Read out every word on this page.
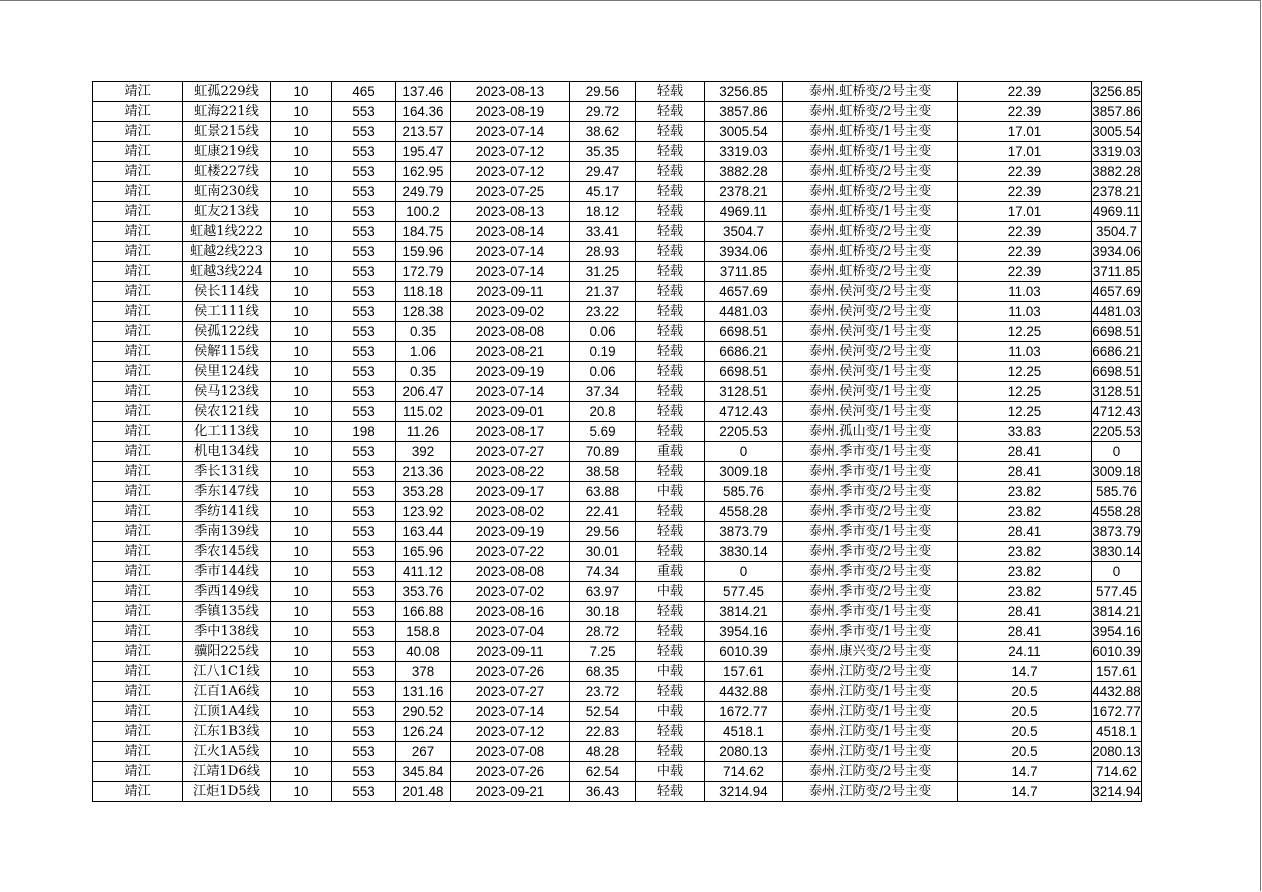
靖江	虹孤229线	10	465	137.46	2023-08-13	29.56	轻载	3256.85	泰州.虹桥变/2号主变	22.39	3256.85
靖江	虹海221线	10	553	164.36	2023-08-19	29.72	轻载	3857.86	泰州.虹桥变/2号主变	22.39	3857.86
靖江	虹景215线	10	553	213.57	2023-07-14	38.62	轻载	3005.54	泰州.虹桥变/1号主变	17.01	3005.54
靖江	虹康219线	10	553	195.47	2023-07-12	35.35	轻载	3319.03	泰州.虹桥变/1号主变	17.01	3319.03
靖江	虹楼227线	10	553	162.95	2023-07-12	29.47	轻载	3882.28	泰州.虹桥变/2号主变	22.39	3882.28
靖江	虹南230线	10	553	249.79	2023-07-25	45.17	轻载	2378.21	泰州.虹桥变/2号主变	22.39	2378.21
靖江	虹友213线	10	553	100.2	2023-08-13	18.12	轻载	4969.11	泰州.虹桥变/1号主变	17.01	4969.11
靖江	虹越1线222	10	553	184.75	2023-08-14	33.41	轻载	3504.7	泰州.虹桥变/2号主变	22.39	3504.7
靖江	虹越2线223	10	553	159.96	2023-07-14	28.93	轻载	3934.06	泰州.虹桥变/2号主变	22.39	3934.06
靖江	虹越3线224	10	553	172.79	2023-07-14	31.25	轻载	3711.85	泰州.虹桥变/2号主变	22.39	3711.85
靖江	侯长114线	10	553	118.18	2023-09-11	21.37	轻载	4657.69	泰州.侯河变/2号主变	11.03	4657.69
靖江	侯工111线	10	553	128.38	2023-09-02	23.22	轻载	4481.03	泰州.侯河变/2号主变	11.03	4481.03
靖江	侯孤122线	10	553	0.35	2023-08-08	0.06	轻载	6698.51	泰州.侯河变/1号主变	12.25	6698.51
靖江	侯解115线	10	553	1.06	2023-08-21	0.19	轻载	6686.21	泰州.侯河变/2号主变	11.03	6686.21
靖江	侯里124线	10	553	0.35	2023-09-19	0.06	轻载	6698.51	泰州.侯河变/1号主变	12.25	6698.51
靖江	侯马123线	10	553	206.47	2023-07-14	37.34	轻载	3128.51	泰州.侯河变/1号主变	12.25	3128.51
靖江	侯农121线	10	553	115.02	2023-09-01	20.8	轻载	4712.43	泰州.侯河变/1号主变	12.25	4712.43
靖江	化工113线	10	198	11.26	2023-08-17	5.69	轻载	2205.53	泰州.孤山变/1号主变	33.83	2205.53
靖江	机电134线	10	553	392	2023-07-27	70.89	重载	0	泰州.季市变/1号主变	28.41	0
靖江	季长131线	10	553	213.36	2023-08-22	38.58	轻载	3009.18	泰州.季市变/1号主变	28.41	3009.18
靖江	季东147线	10	553	353.28	2023-09-17	63.88	中载	585.76	泰州.季市变/2号主变	23.82	585.76
靖江	季纺141线	10	553	123.92	2023-08-02	22.41	轻载	4558.28	泰州.季市变/2号主变	23.82	4558.28
靖江	季南139线	10	553	163.44	2023-09-19	29.56	轻载	3873.79	泰州.季市变/1号主变	28.41	3873.79
靖江	季农145线	10	553	165.96	2023-07-22	30.01	轻载	3830.14	泰州.季市变/2号主变	23.82	3830.14
靖江	季市144线	10	553	411.12	2023-08-08	74.34	重载	0	泰州.季市变/2号主变	23.82	0
靖江	季西149线	10	553	353.76	2023-07-02	63.97	中载	577.45	泰州.季市变/2号主变	23.82	577.45
靖江	季镇135线	10	553	166.88	2023-08-16	30.18	轻载	3814.21	泰州.季市变/1号主变	28.41	3814.21
靖江	季中138线	10	553	158.8	2023-07-04	28.72	轻载	3954.16	泰州.季市变/1号主变	28.41	3954.16
靖江	骥阳225线	10	553	40.08	2023-09-11	7.25	轻载	6010.39	泰州.康兴变/2号主变	24.11	6010.39
靖江	江八1C1线	10	553	378	2023-07-26	68.35	中载	157.61	泰州.江防变/2号主变	14.7	157.61
靖江	江百1A6线	10	553	131.16	2023-07-27	23.72	轻载	4432.88	泰州.江防变/1号主变	20.5	4432.88
靖江	江顶1A4线	10	553	290.52	2023-07-14	52.54	中载	1672.77	泰州.江防变/1号主变	20.5	1672.77
靖江	江东1B3线	10	553	126.24	2023-07-12	22.83	轻载	4518.1	泰州.江防变/1号主变	20.5	4518.1
靖江	江火1A5线	10	553	267	2023-07-08	48.28	轻载	2080.13	泰州.江防变/1号主变	20.5	2080.13
靖江	江靖1D6线	10	553	345.84	2023-07-26	62.54	中载	714.62	泰州.江防变/2号主变	14.7	714.62
靖江	江炬1D5线	10	553	201.48	2023-09-21	36.43	轻载	3214.94	泰州.江防变/2号主变	14.7	3214.94
